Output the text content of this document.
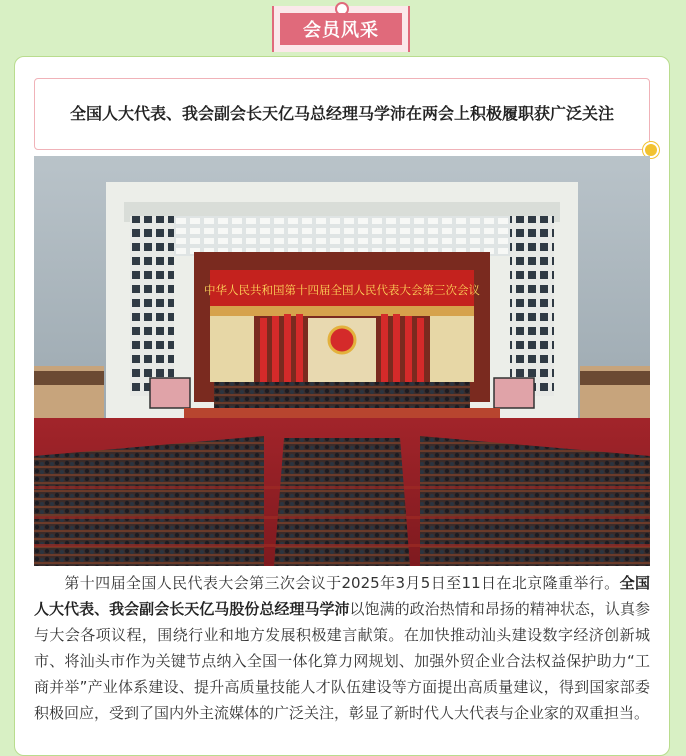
会员风采
全国人大代表、我会副会长天亿马总经理马学沛在两会上积极履职获广泛关注
中华人民共和国第十四届全国人民代表大会第三次会议
第十四届全国人民代表大会第三次会议于2025年3月5日至11日在北京隆重举行。全国人大代表、我会副会长天亿马股份总经理马学沛以饱满的政治热情和昂扬的精神状态，认真参与大会各项议程，围绕行业和地方发展积极建言献策。在加快推动汕头建设数字经济创新城市、将汕头市作为关键节点纳入全国一体化算力网规划、加强外贸企业合法权益保护助力“工商并举”产业体系建设、提升高质量技能人才队伍建设等方面提出高质量建议，得到国家部委积极回应，受到了国内外主流媒体的广泛关注，彰显了新时代人大代表与企业家的双重担当。
